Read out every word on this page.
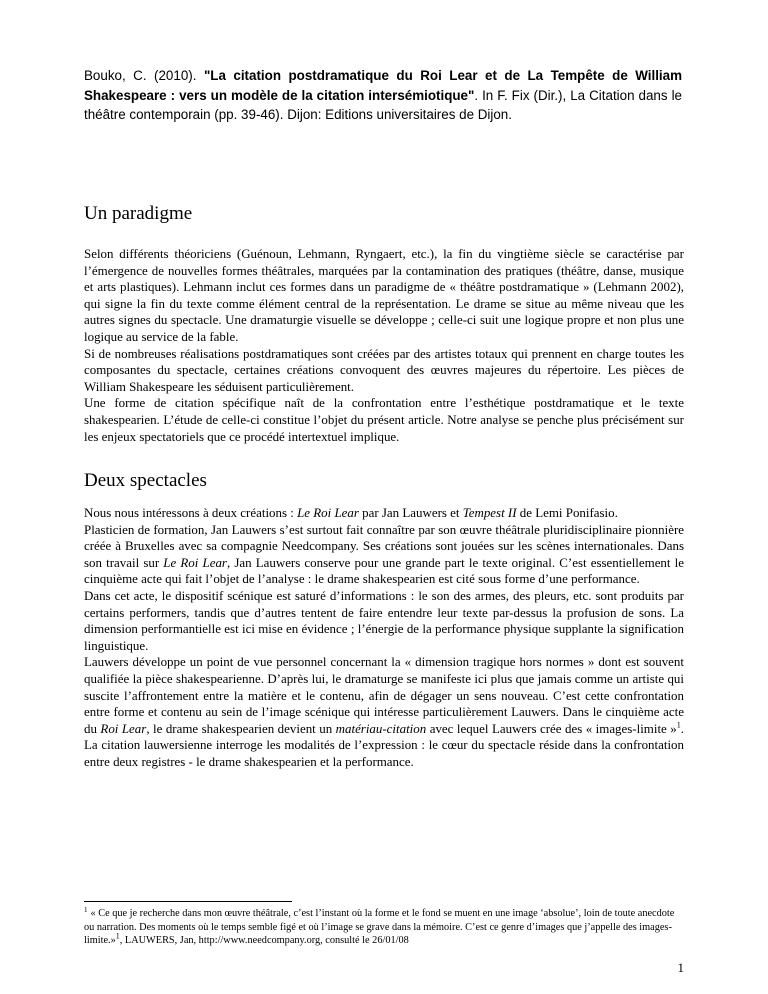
Bouko, C. (2010). "La citation postdramatique du Roi Lear et de La Tempête de William Shakespeare : vers un modèle de la citation intersémiotique". In F. Fix (Dir.), La Citation dans le théâtre contemporain (pp. 39-46). Dijon: Editions universitaires de Dijon.

Un paradigme

Selon différents théoriciens (Guénoun, Lehmann, Ryngaert, etc.), la fin du vingtième siècle se caractérise par l’émergence de nouvelles formes théâtrales, marquées par la contamination des pratiques (théâtre, danse, musique et arts plastiques). Lehmann inclut ces formes dans un paradigme de « théâtre postdramatique » (Lehmann 2002), qui signe la fin du texte comme élément central de la représentation. Le drame se situe au même niveau que les autres signes du spectacle. Une dramaturgie visuelle se développe ; celle-ci suit une logique propre et non plus une logique au service de la fable.

Si de nombreuses réalisations postdramatiques sont créées par des artistes totaux qui prennent en charge toutes les composantes du spectacle, certaines créations convoquent des œuvres majeures du répertoire. Les pièces de William Shakespeare les séduisent particulièrement.

Une forme de citation spécifique naît de la confrontation entre l’esthétique postdramatique et le texte shakespearien. L’étude de celle-ci constitue l’objet du présent article. Notre analyse se penche plus précisément sur les enjeux spectatoriels que ce procédé intertextuel implique.

Deux spectacles

Nous nous intéressons à deux créations : Le Roi Lear par Jan Lauwers et Tempest II de Lemi Ponifasio.

Plasticien de formation, Jan Lauwers s’est surtout fait connaître par son œuvre théâtrale pluridisciplinaire pionnière créée à Bruxelles avec sa compagnie Needcompany. Ses créations sont jouées sur les scènes internationales. Dans son travail sur Le Roi Lear, Jan Lauwers conserve pour une grande part le texte original. C’est essentiellement le cinquième acte qui fait l’objet de l’analyse : le drame shakespearien est cité sous forme d’une performance.

Dans cet acte, le dispositif scénique est saturé d’informations : le son des armes, des pleurs, etc. sont produits par certains performers, tandis que d’autres tentent de faire entendre leur texte par-dessus la profusion de sons. La dimension performantielle est ici mise en évidence ; l’énergie de la performance physique supplante la signification linguistique.

Lauwers développe un point de vue personnel concernant la « dimension tragique hors normes » dont est souvent qualifiée la pièce shakespearienne. D’après lui, le dramaturge se manifeste ici plus que jamais comme un artiste qui suscite l’affrontement entre la matière et le contenu, afin de dégager un sens nouveau. C’est cette confrontation entre forme et contenu au sein de l’image scénique qui intéresse particulièrement Lauwers. Dans le cinquième acte du Roi Lear, le drame shakespearien devient un matériau-citation avec lequel Lauwers crée des « images-limite »$^1$. La citation lauwersienne interroge les modalités de l’expression : le cœur du spectacle réside dans la confrontation entre deux registres - le drame shakespearien et la performance.

$^1$ « Ce que je recherche dans mon œuvre théâtrale, c’est l’instant où la forme et le fond se muent en une image ‘absolue’, loin de toute anecdote ou narration. Des moments où le temps semble figé et où l’image se grave dans la mémoire. C’est ce genre d’images que j’appelle des images-limite.»$^1$, LAUWERS, Jan, http://www.needcompany.org, consulté le 26/01/08

1
